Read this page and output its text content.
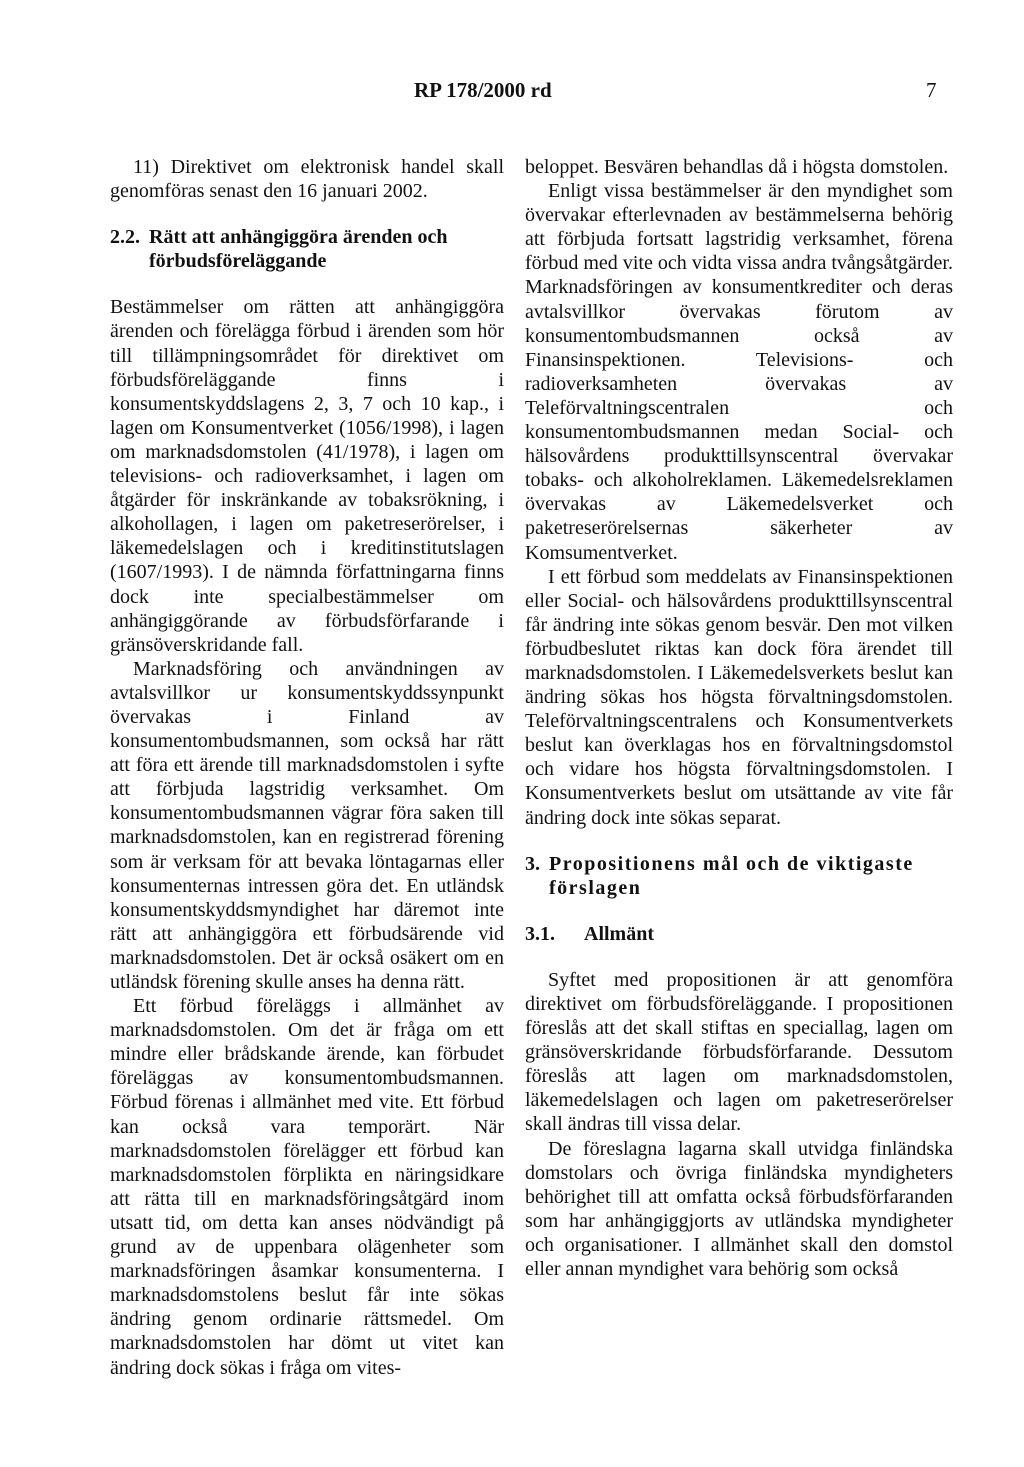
RP 178/2000 rd	7

11) Direktivet om elektronisk handel skall genomföras senast den 16 januari 2002.

2.2. Rätt att anhängiggöra ärenden och förbudsföreläggande

Bestämmelser om rätten att anhängiggöra ärenden och förelägga förbud i ärenden som hör till tillämpningsområdet för direktivet om förbudsföreläggande finns i konsumentskyddslagens 2, 3, 7 och 10 kap., i lagen om Konsumentverket (1056/1998), i lagen om marknadsdomstolen (41/1978), i lagen om televisions- och radioverksamhet, i lagen om åtgärder för inskränkande av tobaksrökning, i alkohollagen, i lagen om paketreserörelser, i läkemedelslagen och i kreditinstitutslagen (1607/1993). I de nämnda författningarna finns dock inte specialbestämmelser om anhängiggörande av förbudsförfarande i gränsöverskridande fall.

Marknadsföring och användningen av avtalsvillkor ur konsumentskyddssynpunkt övervakas i Finland av konsumentombudsmannen, som också har rätt att föra ett ärende till marknadsdomstolen i syfte att förbjuda lagstridig verksamhet. Om konsumentombudsmannen vägrar föra saken till marknadsdomstolen, kan en registrerad förening som är verksam för att bevaka löntagarnas eller konsumenternas intressen göra det. En utländsk konsumentskyddsmyndighet har däremot inte rätt att anhängiggöra ett förbudsärende vid marknadsdomstolen. Det är också osäkert om en utländsk förening skulle anses ha denna rätt.

Ett förbud föreläggs i allmänhet av marknadsdomstolen. Om det är fråga om ett mindre eller brådskande ärende, kan förbudet föreläggas av konsumentombudsmannen. Förbud förenas i allmänhet med vite. Ett förbud kan också vara temporärt. När marknadsdomstolen förelägger ett förbud kan marknadsdomstolen förplikta en näringsidkare att rätta till en marknadsföringsåtgärd inom utsatt tid, om detta kan anses nödvändigt på grund av de uppenbara olägenheter som marknadsföringen åsamkar konsumenterna. I marknadsdomstolens beslut får inte sökas ändring genom ordinarie rättsmedel. Om marknadsdomstolen har dömt ut vitet kan ändring dock sökas i fråga om vites-

beloppet. Besvären behandlas då i högsta domstolen.

Enligt vissa bestämmelser är den myndighet som övervakar efterlevnaden av bestämmelserna behörig att förbjuda fortsatt lagstridig verksamhet, förena förbud med vite och vidta vissa andra tvångsåtgärder. Marknadsföringen av konsumentkrediter och deras avtalsvillkor övervakas förutom av konsumentombudsmannen också av Finansinspektionen. Televisions- och radioverksamheten övervakas av Teleförvaltningscentralen och konsumentombudsmannen medan Social- och hälsovårdens produkttillsynscentral övervakar tobaks- och alkoholreklamen. Läkemedelsreklamen övervakas av Läkemedelsverket och paketreserörelsernas säkerheter av Komsumentverket.

I ett förbud som meddelats av Finansinspektionen eller Social- och hälsovårdens produkttillsynscentral får ändring inte sökas genom besvär. Den mot vilken förbudbeslutet riktas kan dock föra ärendet till marknadsdomstolen. I Läkemedelsverkets beslut kan ändring sökas hos högsta förvaltningsdomstolen. Teleförvaltningscentralens och Konsumentverkets beslut kan överklagas hos en förvaltningsdomstol och vidare hos högsta förvaltningsdomstolen. I Konsumentverkets beslut om utsättande av vite får ändring dock inte sökas separat.

3. Propositionens mål och de viktigaste förslagen
3.1.	Allmänt

Syftet med propositionen är att genomföra direktivet om förbudsföreläggande. I propositionen föreslås att det skall stiftas en speciallag, lagen om gränsöverskridande förbudsförfarande. Dessutom föreslås att lagen om marknadsdomstolen, läkemedelslagen och lagen om paketreserörelser skall ändras till vissa delar.

De föreslagna lagarna skall utvidga finländska domstolars och övriga finländska myndigheters behörighet till att omfatta också förbudsförfaranden som har anhängiggjorts av utländska myndigheter och organisationer. I allmänhet skall den domstol eller annan myndighet vara behörig som också
